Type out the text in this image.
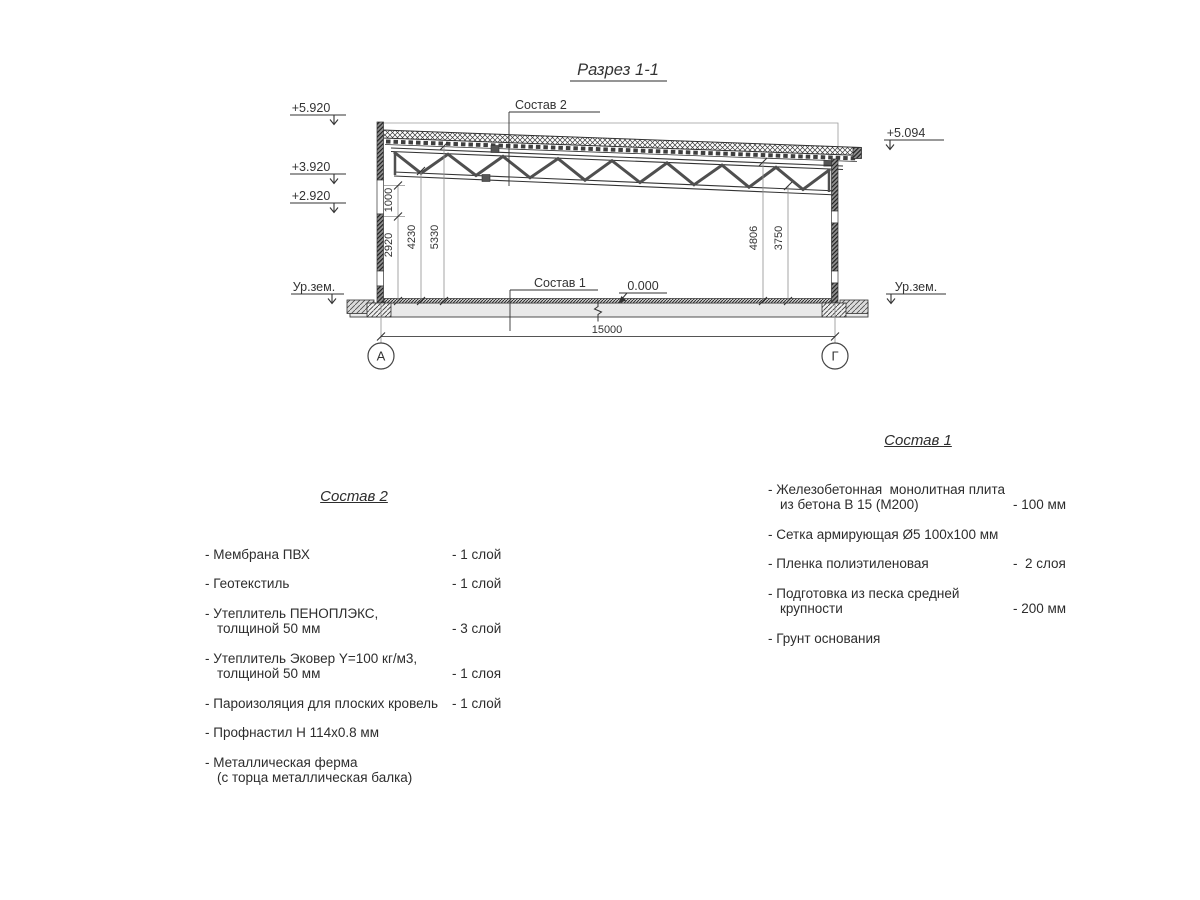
Разрез 1-1
Состав 2
Состав 1	0.000
+5.920
+3.920
+2.920
Ур.зем.
+5.094
Ур.зем.
2920
1000
4230 5330	4806 3750
15000
А	Г
Состав 2
- Мембрана ПВХ	- 1 слой
- Геотекстиль	- 1 слой
- Утеплитель ПЕНОПЛЭКС,
толщиной 50 мм	- 3 слой
- Утеплитель Эковер Y=100 кг/м3,
толщиной 50 мм	- 1 слоя
- Пароизоляция для плоских кровель	- 1 слой
- Профнастил Н 114х0.8 мм
- Металлическая ферма
(с торца металлическая балка)
Состав 1
- Железобетонная  монолитная плита
из бетона В 15 (М200)	- 100 мм
- Сетка армирующая Ø5 100х100 мм
- Пленка полиэтиленовая	-  2 слоя
- Подготовка из песка средней
крупности	- 200 мм
- Грунт основания
